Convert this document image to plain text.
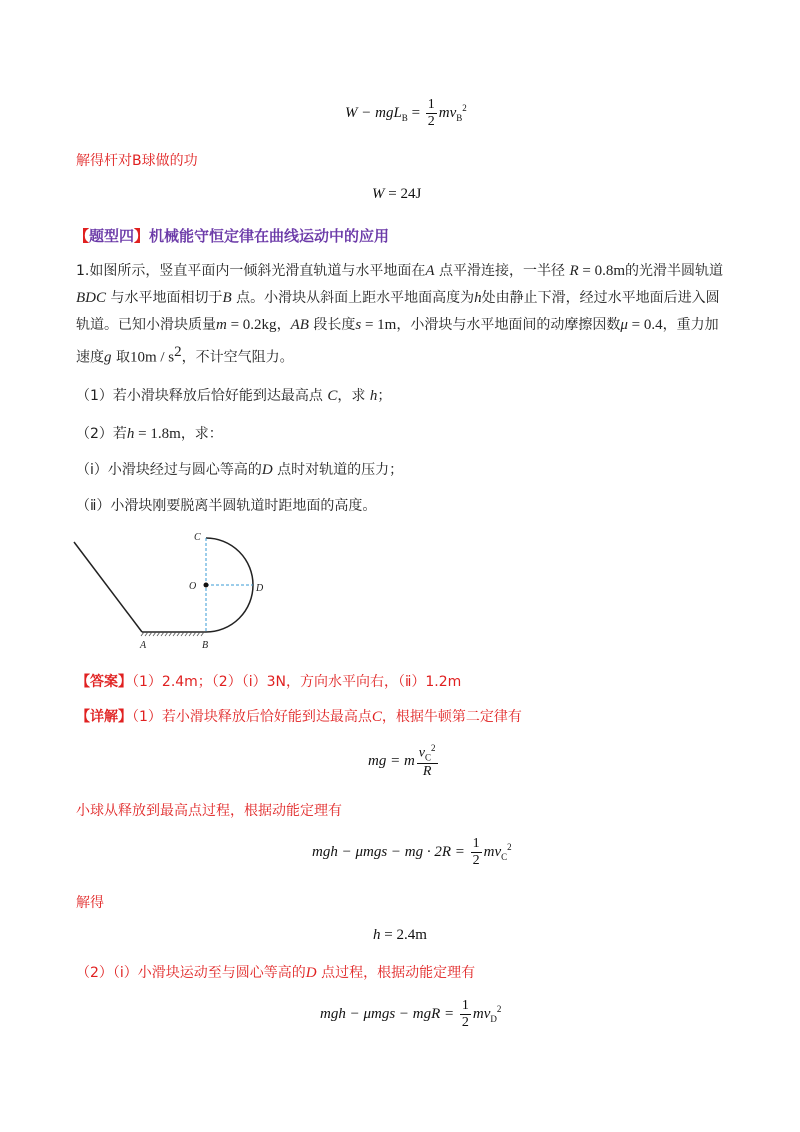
$W - mgL_B = \frac{1}{2} mv_B^2$
解得杆对B球做的功
W = 24J
【题型四】机械能守恒定律在曲线运动中的应用
1.如图所示，竖直平面内一倾斜光滑直轨道与水平地面在A 点平滑连接，一半径 R = 0.8m的光滑半圆轨道
BDC 与水平地面相切于B 点。小滑块从斜面上距水平地面高度为h处由静止下滑，经过水平地面后进入圆
轨道。已知小滑块质量m = 0.2kg，AB 段长度s = 1m，小滑块与水平地面间的动摩擦因数μ = 0.4，重力加
速度g 取$10m / s^2$，不计空气阻力。
（1）若小滑块释放后恰好能到达最高点 C，求 h；
（2）若h = 1.8m，求：
（ⅰ）小滑块经过与圆心等高的D 点时对轨道的压力；
（ⅱ）小滑块刚要脱离半圆轨道时距地面的高度。
C
O	D
A	B
【答案】（1）2.4m；（2）（ⅰ）3N，方向水平向右，（ⅱ）1.2m
【详解】（1）若小滑块释放后恰好能到达最高点C，根据牛顿第二定律有
mg = m $\frac{v_C^2}{R}$
小球从释放到最高点过程，根据动能定理有
mgh − μmgs − mg · $2R = \frac{1}{2} mv_C^2$
解得
h = 2.4m
（2）（ⅰ）小滑块运动至与圆心等高的D 点过程，根据动能定理有
mgh − μmgs − mgR = $\frac{1}{2} mv_D^2$
